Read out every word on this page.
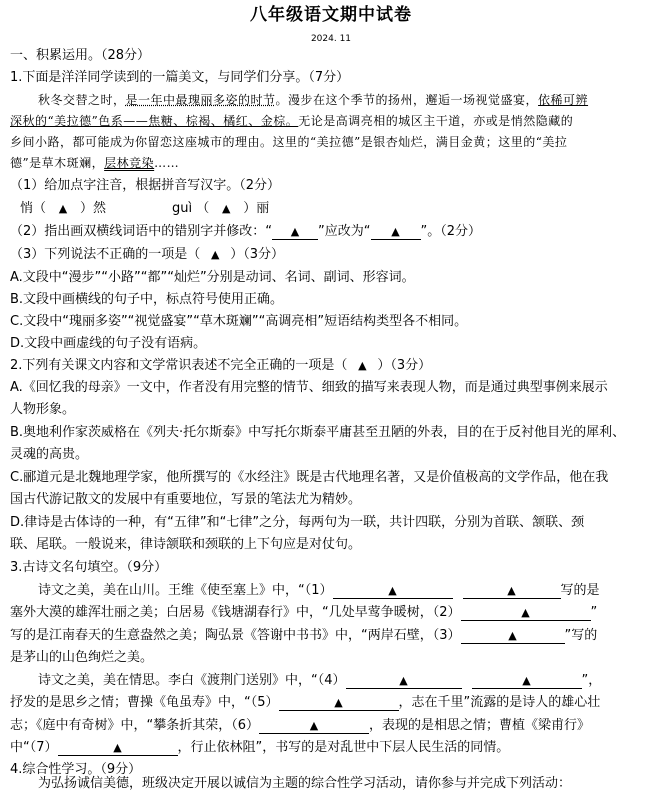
八年级语文期中试卷
2024. 11
一、积累运用。（28分）
1.下面是洋洋同学读到的一篇美文，与同学们分享。（7分）
秋冬交替之时，是一年中最瑰丽多姿的时节。漫步在这个季节的扬州，邂逅一场视觉盛宴，依稀可辨
深秋的“美拉德”色系——焦糖、棕褐、橘红、金棕。无论是高调亮相的城区主干道，亦或是悄然隐藏的
乡间小路，都可能成为你留恋这座城市的理由。这里的“美拉德”是银杏灿烂，满目金黄；这里的“美拉
德”是草木斑斓，层林竞染……
（1）给加点字注音，根据拼音写汉字。（2分）
悄（ ▲ ）然	guì （ ▲ ）丽
（2）指出画双横线词语中的错别字并修改：“ ▲ ”应改为“ ▲ ”。（2分）
（3）下列说法不正确的一项是（ ▲ ）（3分）
A.文段中“漫步”“小路”“都”“灿烂”分别是动词、名词、副词、形容词。
B.文段中画横线的句子中，标点符号使用正确。
C.文段中“瑰丽多姿”“视觉盛宴”“草木斑斓”“高调亮相”短语结构类型各不相同。
D.文段中画虚线的句子没有语病。
2.下列有关课文内容和文学常识表述不完全正确的一项是（ ▲ ）（3分）
A.《回忆我的母亲》一文中，作者没有用完整的情节、细致的描写来表现人物，而是通过典型事例来展示
人物形象。
B.奥地利作家茨威格在《列夫·托尔斯泰》中写托尔斯泰平庸甚至丑陋的外表，目的在于反衬他目光的犀利、
灵魂的高贵。
C.郦道元是北魏地理学家，他所撰写的《水经注》既是古代地理名著，又是价值极高的文学作品，他在我
国古代游记散文的发展中有重要地位，写景的笔法尤为精妙。
D.律诗是古体诗的一种，有“五律”和“七律”之分，每两句为一联，共计四联，分别为首联、颔联、颈
联、尾联。一般说来，律诗颔联和颈联的上下句应是对仗句。
3.古诗文名句填空。（9分）
诗文之美，美在山川。王维《使至塞上》中，“（1）	▲	▲	写的是
塞外大漠的雄浑壮丽之美；白居易《钱塘湖春行》中，“几处早莺争暖树，（2）	▲	”
写的是江南春天的生意盎然之美；陶弘景《答谢中书书》中，“两岸石壁，（3）	▲	”写的
是茅山的山色绚烂之美。
诗文之美，美在情思。李白《渡荆门送别》中，“（4）	▲	▲	”，
抒发的是思乡之情；曹操《龟虽寿》中，“（5）	▲	，志在千里”流露的是诗人的雄心壮
志；《庭中有奇树》中，“攀条折其荣，（6）	▲	，表现的是相思之情；曹植《梁甫行》
中“（7）	▲	，行止依林阻”，书写的是对乱世中下层人民生活的同情。
4.综合性学习。（9分）
为弘扬诚信美德，班级决定开展以诚信为主题的综合性学习活动，请你参与并完成下列活动：
